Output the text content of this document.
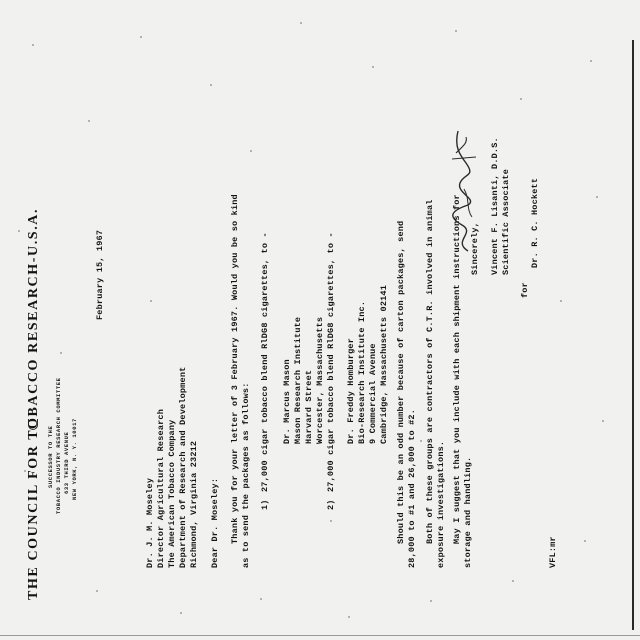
THE COUNCIL FOR TOBACCO RESEARCH-U.S.A. SUCCESSOR TO THE TOBACCO INDUSTRY RESEARCH COMMITTEE 633 THIRD AVENUE NEW YORK, N. Y. 10017
February 15, 1967
Dr. J. M. Moseley Director Agricultural Research The American Tobacco Company Department of Research and Development Richmond, Virginia 23212 Dear Dr. Moseley: Thank you for your letter of 3 February 1967. Would you be so kind as to send the packages as follows: 1)
27,000 cigar tobacco blend RlDG8 cigarettes, to - Dr. Marcus Mason Mason Research Institute Harvard Street Worcester, Massachusetts
2)
27,000 cigar tobacco blend RlDG8 cigarettes, to - Dr. Freddy Homburger Bio-Research Institute Inc. 9 Commercial Avenue Cambridge, Massachusetts 02141 Should this be an odd number because of carton packages, send 28,000 to #1 and 26,000 to #2. Both of these groups are contractors of C.T.R. involved in animal exposure investigations. May I suggest that you include with each shipment instructions for storage and handling.
Sincerely, Vincent F. Lisanti, D.D.S. Scientific Associate
for
Dr. R. C. Hockett
VFL:mr
